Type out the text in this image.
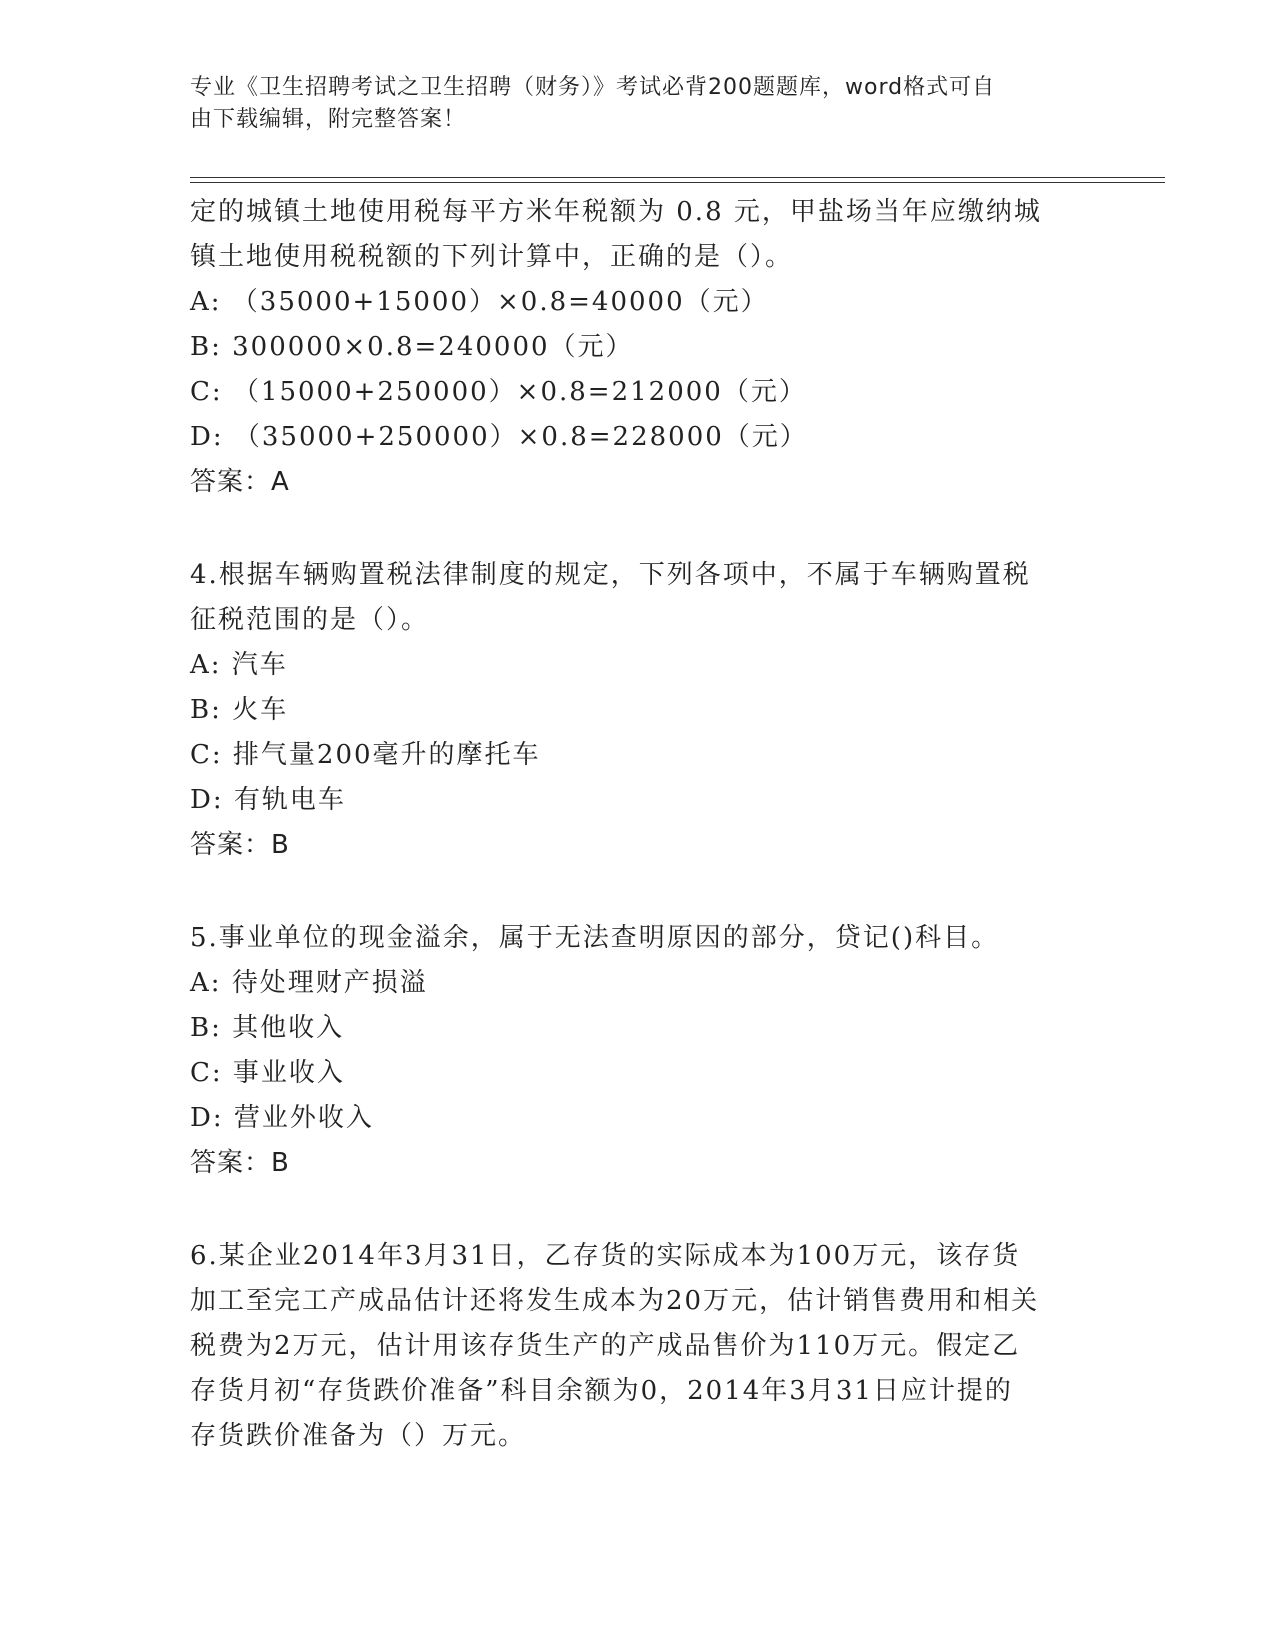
专业《卫生招聘考试之卫生招聘（财务）》考试必背200题题库，word格式可自
由下载编辑，附完整答案！
定的城镇土地使用税每平方米年税额为 0.8 元，甲盐场当年应缴纳城
镇土地使用税税额的下列计算中，正确的是（）。
A: （35000+15000）×0.8=40000（元）
B: 300000×0.8=240000（元）
C: （15000+250000）×0.8=212000（元）
D: （35000+250000）×0.8=228000（元）
答案：A
4.根据车辆购置税法律制度的规定，下列各项中，不属于车辆购置税
征税范围的是（）。
A: 汽车
B: 火车
C: 排气量200毫升的摩托车
D: 有轨电车
答案：B
5.事业单位的现金溢余，属于无法查明原因的部分，贷记()科目。
A: 待处理财产损溢
B: 其他收入
C: 事业收入
D: 营业外收入
答案：B
6.某企业2014年3月31日，乙存货的实际成本为100万元，该存货
加工至完工产成品估计还将发生成本为20万元，估计销售费用和相关
税费为2万元，估计用该存货生产的产成品售价为110万元。假定乙
存货月初“存货跌价准备”科目余额为0，2014年3月31日应计提的
存货跌价准备为（）万元。
